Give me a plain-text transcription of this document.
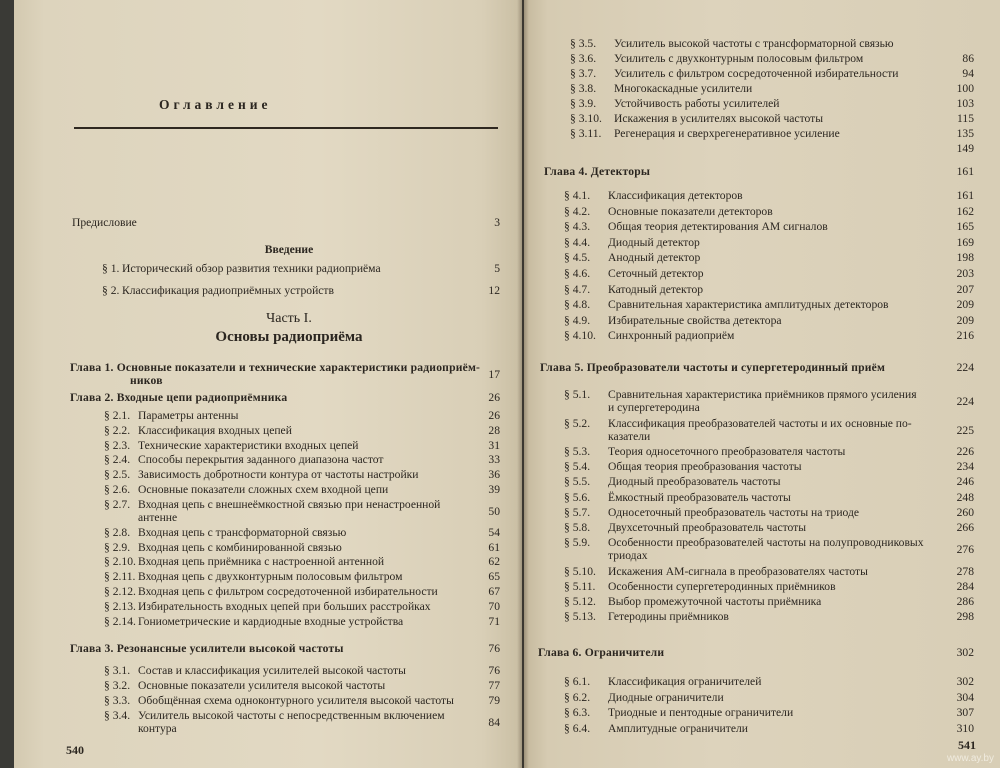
Оглавление
Введение
Часть I.
Основы радиоприёма
Предисловие	3
§ 1. Исторический обзор развития техники радиоприёма	5
§ 2. Классификация радиоприёмных устройств	12
Глава 1. Основные показатели и технические характеристики радиоприём-
ников	17
Глава 2. Входные цепи радиоприёмника	26
§ 2.1. Параметры антенны	26
§ 2.2. Классификация входных цепей	28
§ 2.3. Технические характеристики входных цепей	31
§ 2.4. Способы перекрытия заданного диапазона частот	33
§ 2.5. Зависимость добротности контура от частоты настройки	36
§ 2.6. Основные показатели сложных схем входной цепи	39
§ 2.7. Входная цепь с внешнеёмкостной связью при ненастроенной
антенне	50
§ 2.8. Входная цепь с трансформаторной связью	54
§ 2.9. Входная цепь с комбинированной связью	61
§ 2.10. Входная цепь приёмника с настроенной антенной	62
§ 2.11. Входная цепь с двухконтурным полосовым фильтром	65
§ 2.12. Входная цепь с фильтром сосредоточенной избирательности	67
§ 2.13. Избирательность входных цепей при больших расстройках	70
§ 2.14. Гониометрические и кардиодные входные устройства	71
Глава 3. Резонансные усилители высокой частоты	76
§ 3.1. Состав и классификация усилителей высокой частоты	76
§ 3.2. Основные показатели усилителя высокой частоты	77
§ 3.3. Обобщённая схема одноконтурного усилителя высокой частоты	79
§ 3.4. Усилитель высокой частоты с непосредственным включением
контура	84
540
§ 3.5. Усилитель высокой частоты с трансформаторной связью
§ 3.6. Усилитель с двухконтурным полосовым фильтром	86
§ 3.7. Усилитель с фильтром сосредоточенной избирательности	94
§ 3.8. Многокаскадные усилители	100
§ 3.9. Устойчивость работы усилителей	103
§ 3.10. Искажения в усилителях высокой частоты	115
§ 3.11. Регенерация и сверхрегенеративное усиление	135
149
Глава 4. Детекторы	161
§ 4.1. Классификация детекторов	161
§ 4.2. Основные показатели детекторов	162
§ 4.3. Общая теория детектирования АМ сигналов	165
§ 4.4. Диодный детектор	169
§ 4.5. Анодный детектор	198
§ 4.6. Сеточный детектор	203
§ 4.7. Катодный детектор	207
§ 4.8. Сравнительная характеристика амплитудных детекторов	209
§ 4.9. Избирательные свойства детектора	209
§ 4.10. Синхронный радиоприём	216
Глава 5. Преобразователи частоты и супергетеродинный приём	224
§ 5.1. Сравнительная характеристика приёмников прямого усиления
и супергетеродина	224
§ 5.2. Классификация преобразователей частоты и их основные по-
казатели	225
§ 5.3. Теория односеточного преобразователя частоты	226
§ 5.4. Общая теория преобразования частоты	234
§ 5.5. Диодный преобразователь частоты	246
§ 5.6. Ёмкостный преобразователь частоты	248
§ 5.7. Односеточный преобразователь частоты на триоде	260
§ 5.8. Двухсеточный преобразователь частоты	266
§ 5.9. Особенности преобразователей частоты на полупроводниковых
триодах	276
§ 5.10. Искажения АМ-сигнала в преобразователях частоты	278
§ 5.11. Особенности супергетеродинных приёмников	284
§ 5.12. Выбор промежуточной частоты приёмника	286
§ 5.13. Гетеродины приёмников	298
Глава 6. Ограничители	302
§ 6.1. Классификация ограничителей	302
§ 6.2. Диодные ограничители	304
§ 6.3. Триодные и пентодные ограничители	307
§ 6.4. Амплитудные ограничители	310
541
www.ay.by
